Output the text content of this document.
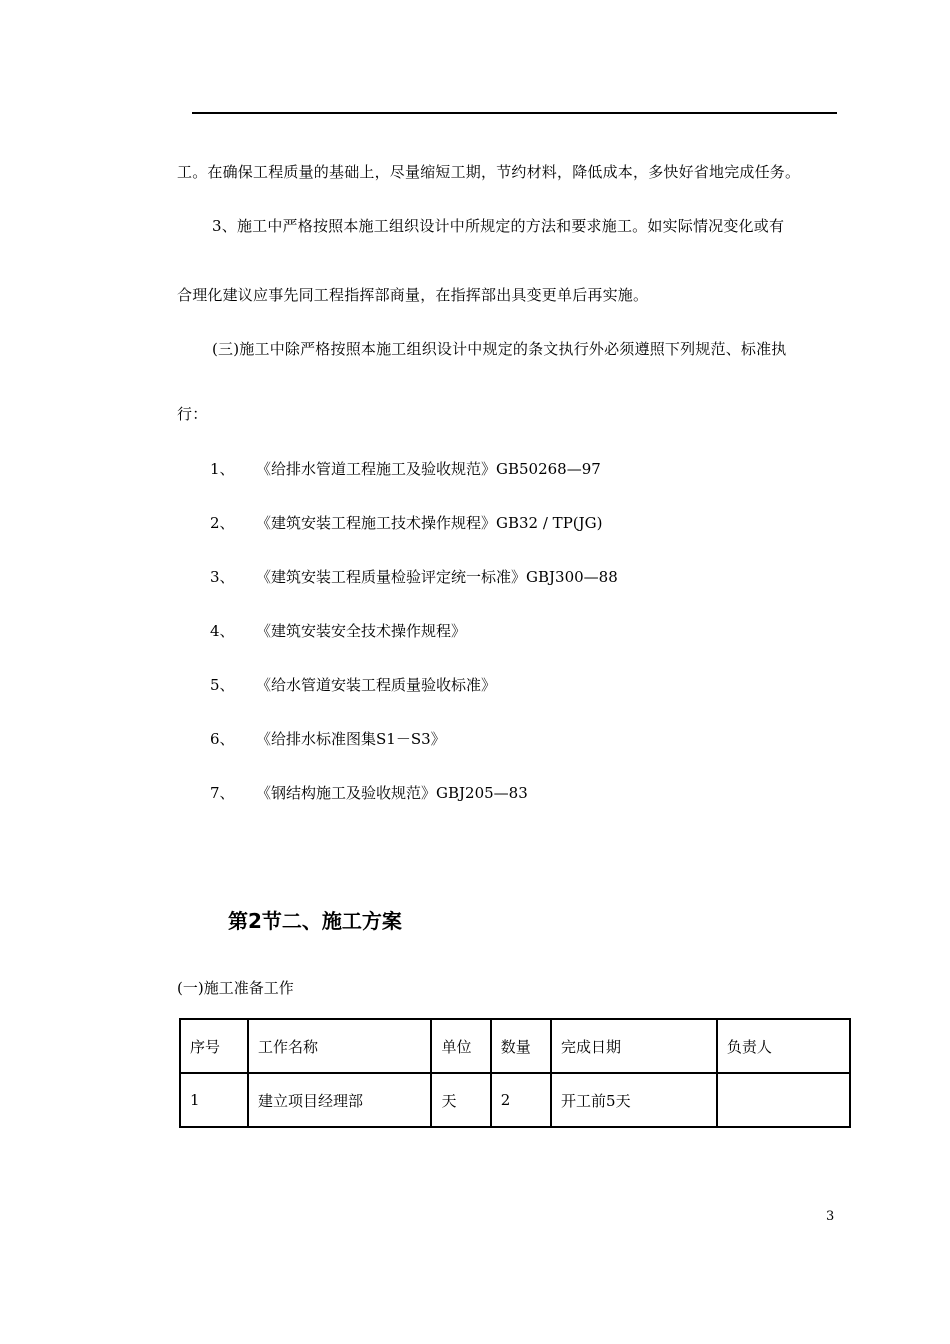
工。在确保工程质量的基础上，尽量缩短工期，节约材料，降低成本，多快好省地完成任务。
3、施工中严格按照本施工组织设计中所规定的方法和要求施工。如实际情况变化或有
合理化建议应事先同工程指挥部商量，在指挥部出具变更单后再实施。
(三)施工中除严格按照本施工组织设计中规定的条文执行外必须遵照下列规范、标准执
行：
1、 《给排水管道工程施工及验收规范》GB50268—97
2、 《建筑安装工程施工技术操作规程》GB32 / TP(JG)
3、 《建筑安装工程质量检验评定统一标准》GBJ300—88
4、 《建筑安装安全技术操作规程》
5、 《给水管道安装工程质量验收标准》
6、 《给排水标准图集S1－S3》
7、 《钢结构施工及验收规范》GBJ205—83
第2节二、施工方案
(一)施工准备工作
序号	工作名称	单位	数量	完成日期	负责人
1	建立项目经理部	天	2	开工前5天	
3
